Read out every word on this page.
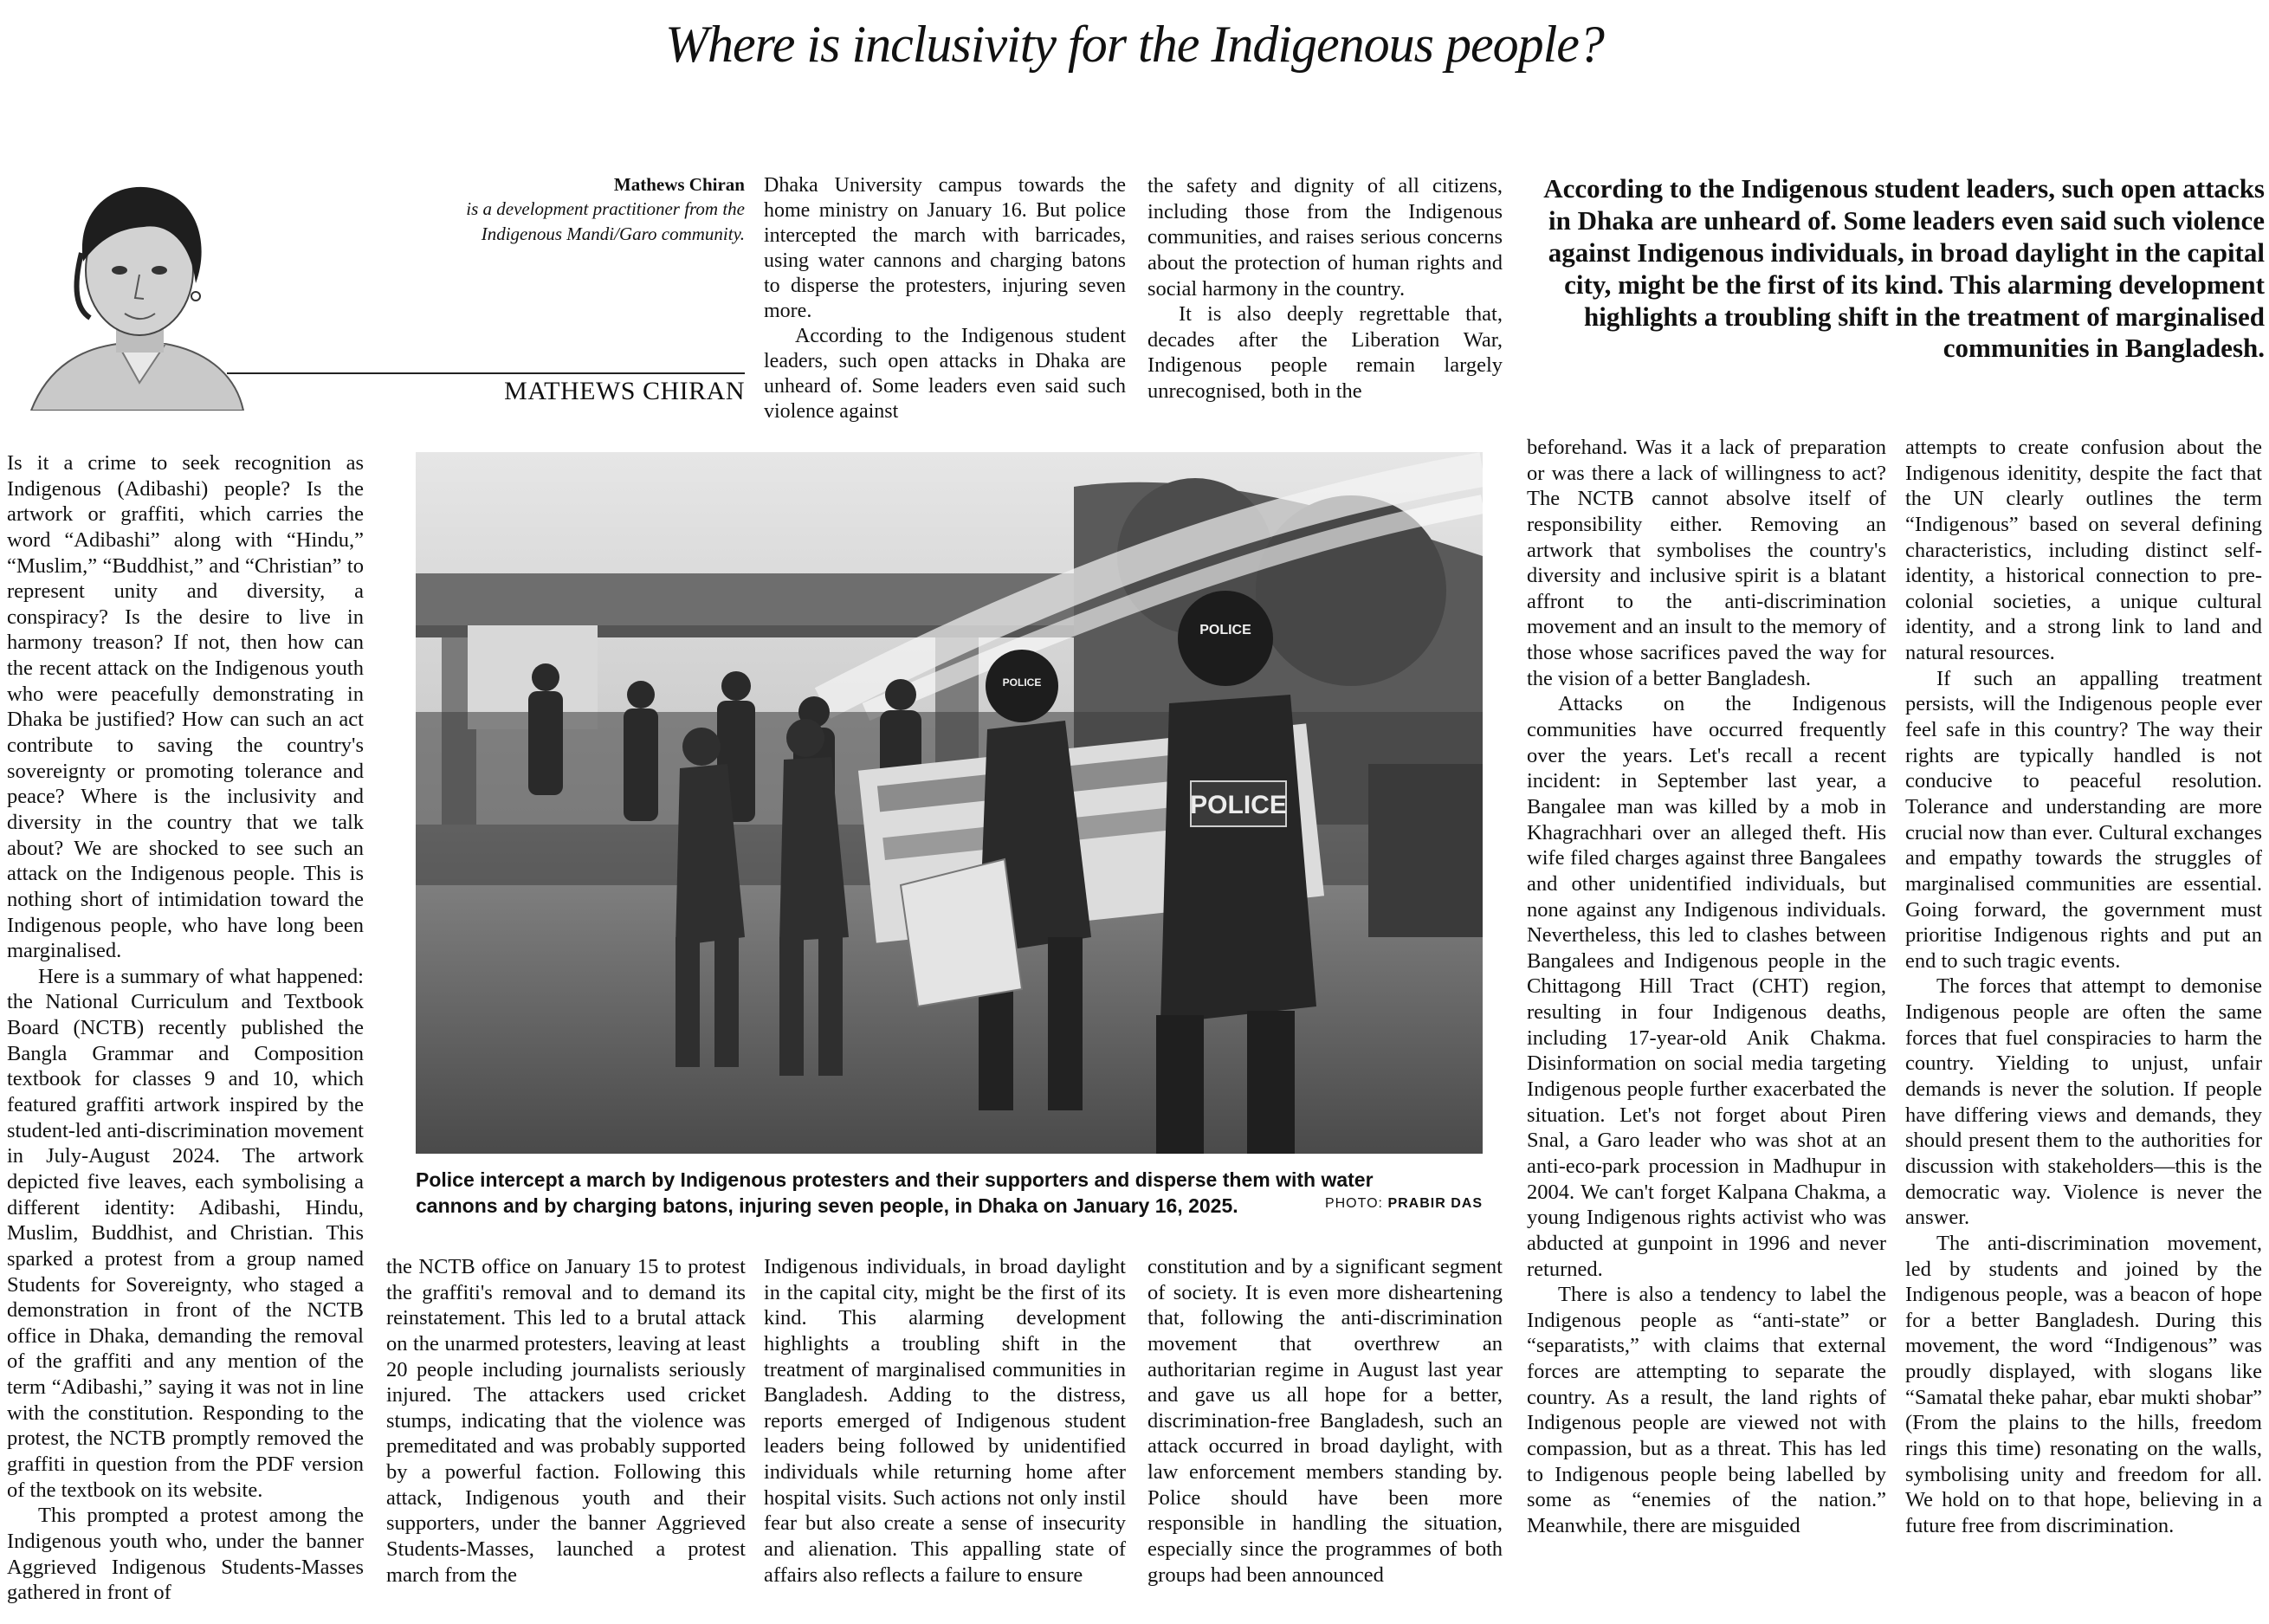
Where is inclusivity for the Indigenous people?
Mathews Chiran
is a development practitioner from the
Indigenous Mandi/Garo community.
MATHEWS CHIRAN

Dhaka University campus towards the home ministry on January 16. But police intercepted the march with barricades, using water cannons and charging batons to disperse the protesters, injuring seven more.

According to the Indigenous student leaders, such open attacks in Dhaka are unheard of. Some leaders even said such violence against

the safety and dignity of all citizens, including those from the Indigenous communities, and raises serious concerns about the protection of human rights and social harmony in the country.

It is also deeply regrettable that, decades after the Liberation War, Indigenous people remain largely unrecognised, both in the

According to the Indigenous student leaders, such open attacks in Dhaka are unheard of. Some leaders even said such violence against Indigenous individuals, in broad daylight in the capital city, might be the first of its kind. This alarming development highlights a troubling shift in the treatment of marginalised communities in Bangladesh.

Is it a crime to seek recognition as Indigenous (Adibashi) people? Is the artwork or graffiti, which carries the word “Adibashi” along with “Hindu,” “Muslim,” “Buddhist,” and “Christian” to represent unity and diversity, a conspiracy? Is the desire to live in harmony treason? If not, then how can the recent attack on the Indigenous youth who were peacefully demonstrating in Dhaka be justified? How can such an act contribute to saving the country's sovereignty or promoting tolerance and peace? Where is the inclusivity and diversity in the country that we talk about? We are shocked to see such an attack on the Indigenous people. This is nothing short of intimidation toward the Indigenous people, who have long been marginalised.

Here is a summary of what happened: the National Curriculum and Textbook Board (NCTB) recently published the Bangla Grammar and Composition textbook for classes 9 and 10, which featured graffiti artwork inspired by the student-led anti-discrimination movement in July-August 2024. The artwork depicted five leaves, each symbolising a different identity: Adibashi, Hindu, Muslim, Buddhist, and Christian. This sparked a protest from a group named Students for Sovereignty, who staged a demonstration in front of the NCTB office in Dhaka, demanding the removal of the graffiti and any mention of the term “Adibashi,” saying it was not in line with the constitution. Responding to the protest, the NCTB promptly removed the graffiti in question from the PDF version of the textbook on its website.

This prompted a protest among the Indigenous youth who, under the banner Aggrieved Indigenous Students-Masses gathered in front of

POLICE
POLICE
POLICE
Police intercept a march by Indigenous protesters and their supporters and disperse them with water cannons and by charging batons, injuring seven people, in Dhaka on January 16, 2025.	PHOTO: PRABIR DAS

the NCTB office on January 15 to protest the graffiti's removal and to demand its reinstatement. This led to a brutal attack on the unarmed protesters, leaving at least 20 people including journalists seriously injured. The attackers used cricket stumps, indicating that the violence was premeditated and was probably supported by a powerful faction. Following this attack, Indigenous youth and their supporters, under the banner Aggrieved Students-Masses, launched a protest march from the

Indigenous individuals, in broad daylight in the capital city, might be the first of its kind. This alarming development highlights a troubling shift in the treatment of marginalised communities in Bangladesh. Adding to the distress, reports emerged of Indigenous student leaders being followed by unidentified individuals while returning home after hospital visits. Such actions not only instil fear but also create a sense of insecurity and alienation. This appalling state of affairs also reflects a failure to ensure

constitution and by a significant segment of society. It is even more disheartening that, following the anti-discrimination movement that overthrew an authoritarian regime in August last year and gave us all hope for a better, discrimination-free Bangladesh, such an attack occurred in broad daylight, with law enforcement members standing by. Police should have been more responsible in handling the situation, especially since the programmes of both groups had been announced

beforehand. Was it a lack of preparation or was there a lack of willingness to act? The NCTB cannot absolve itself of responsibility either. Removing an artwork that symbolises the country's diversity and inclusive spirit is a blatant affront to the anti-discrimination movement and an insult to the memory of those whose sacrifices paved the way for the vision of a better Bangladesh.

Attacks on the Indigenous communities have occurred frequently over the years. Let's recall a recent incident: in September last year, a Bangalee man was killed by a mob in Khagrachhari over an alleged theft. His wife filed charges against three Bangalees and other unidentified individuals, but none against any Indigenous individuals. Nevertheless, this led to clashes between Bangalees and Indigenous people in the Chittagong Hill Tract (CHT) region, resulting in four Indigenous deaths, including 17-year-old Anik Chakma. Disinformation on social media targeting Indigenous people further exacerbated the situation. Let's not forget about Piren Snal, a Garo leader who was shot at an anti-eco-park procession in Madhupur in 2004. We can't forget Kalpana Chakma, a young Indigenous rights activist who was abducted at gunpoint in 1996 and never returned.

There is also a tendency to label the Indigenous people as “anti-state” or “separatists,” with claims that external forces are attempting to separate the country. As a result, the land rights of Indigenous people are viewed not with compassion, but as a threat. This has led to Indigenous people being labelled by some as “enemies of the nation.” Meanwhile, there are misguided

attempts to create confusion about the Indigenous idenitity, despite the fact that the UN clearly outlines the term “Indigenous” based on several defining characteristics, including distinct self-identity, a historical connection to pre-colonial societies, a unique cultural identity, and a strong link to land and natural resources.

If such an appalling treatment persists, will the Indigenous people ever feel safe in this country? The way their rights are typically handled is not conducive to peaceful resolution. Tolerance and understanding are more crucial now than ever. Cultural exchanges and empathy towards the struggles of marginalised communities are essential. Going forward, the government must prioritise Indigenous rights and put an end to such tragic events.

The forces that attempt to demonise Indigenous people are often the same forces that fuel conspiracies to harm the country. Yielding to unjust, unfair demands is never the solution. If people have differing views and demands, they should present them to the authorities for discussion with stakeholders—this is the democratic way. Violence is never the answer.

The anti-discrimination movement, led by students and joined by the Indigenous people, was a beacon of hope for a better Bangladesh. During this movement, the word “Indigenous” was proudly displayed, with slogans like “Samatal theke pahar, ebar mukti shobar” (From the plains to the hills, freedom rings this time) resonating on the walls, symbolising unity and freedom for all. We hold on to that hope, believing in a future free from discrimination.
